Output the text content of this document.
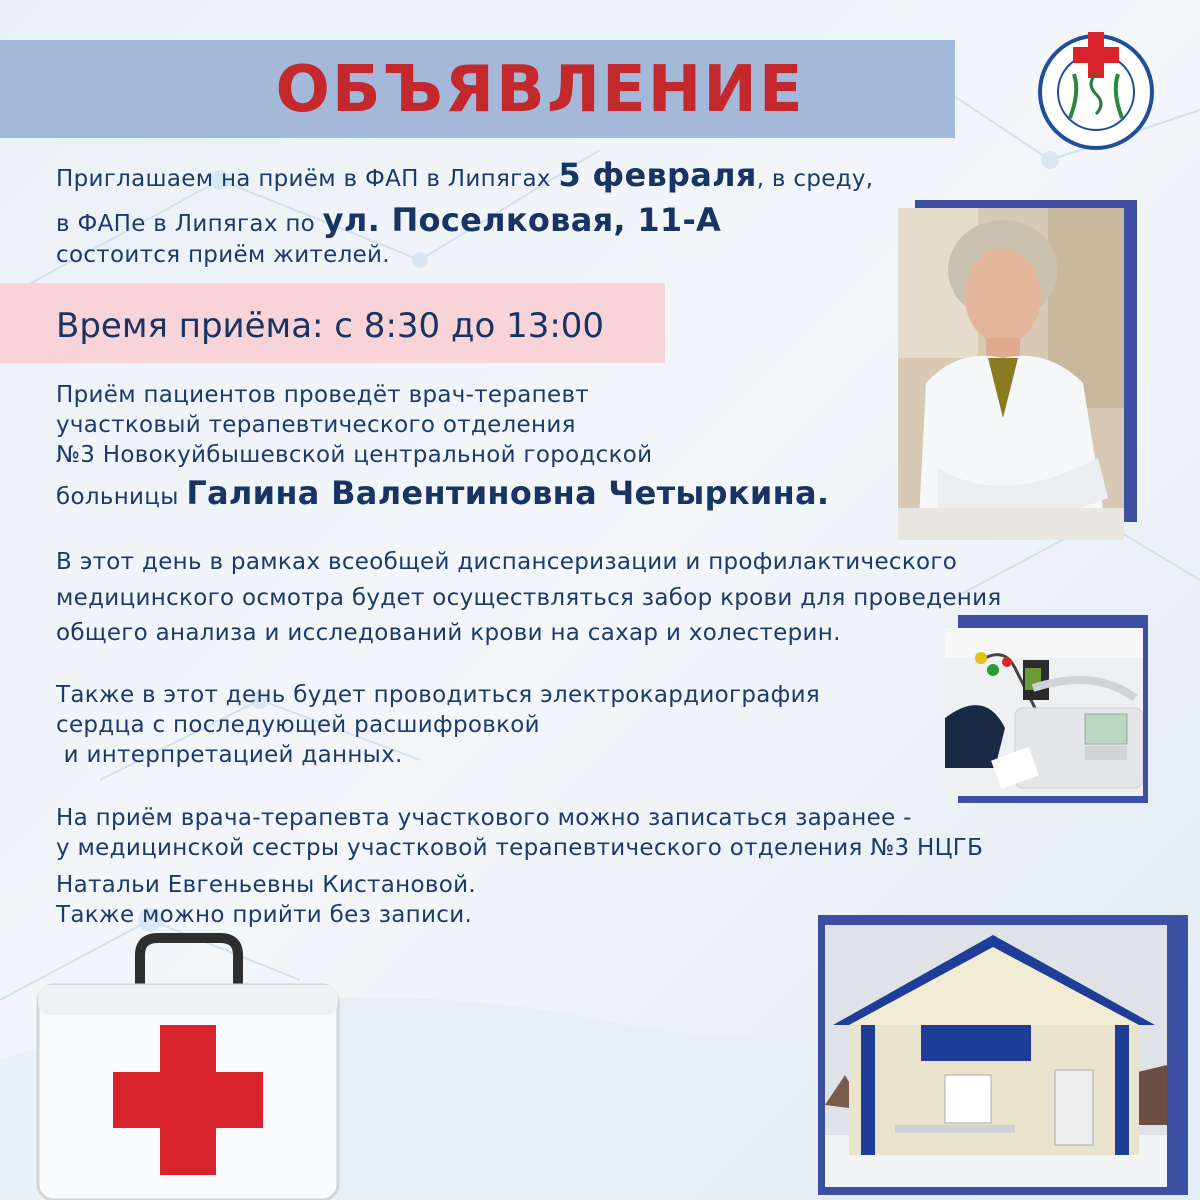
ОБЪЯВЛЕНИЕ
Приглашаем на приём в ФАП в Липягах 5 февраля, в среду,
в ФАПе в Липягах по ул. Поселковая, 11-А
состоится приём жителей.
Время приёма: с 8:30 до 13:00
Приём пациентов проведёт врач-терапевт
участковый терапевтического отделения
№3 Новокуйбышевской центральной городской
больницы Галина Валентиновна Четыркина.
В этот день в рамках всеобщей диспансеризации и профилактического
медицинского осмотра будет осуществляться забор крови для проведения
общего анализа и исследований крови на сахар и холестерин.
Также в этот день будет проводиться электрокардиография
сердца с последующей расшифровкой
и интерпретацией данных.
На приём врача-терапевта участкового можно записаться заранее -
у медицинской сестры участковой терапевтического отделения №3 НЦГБ
Натальи Евгеньевны Кистановой.
Также можно прийти без записи.
